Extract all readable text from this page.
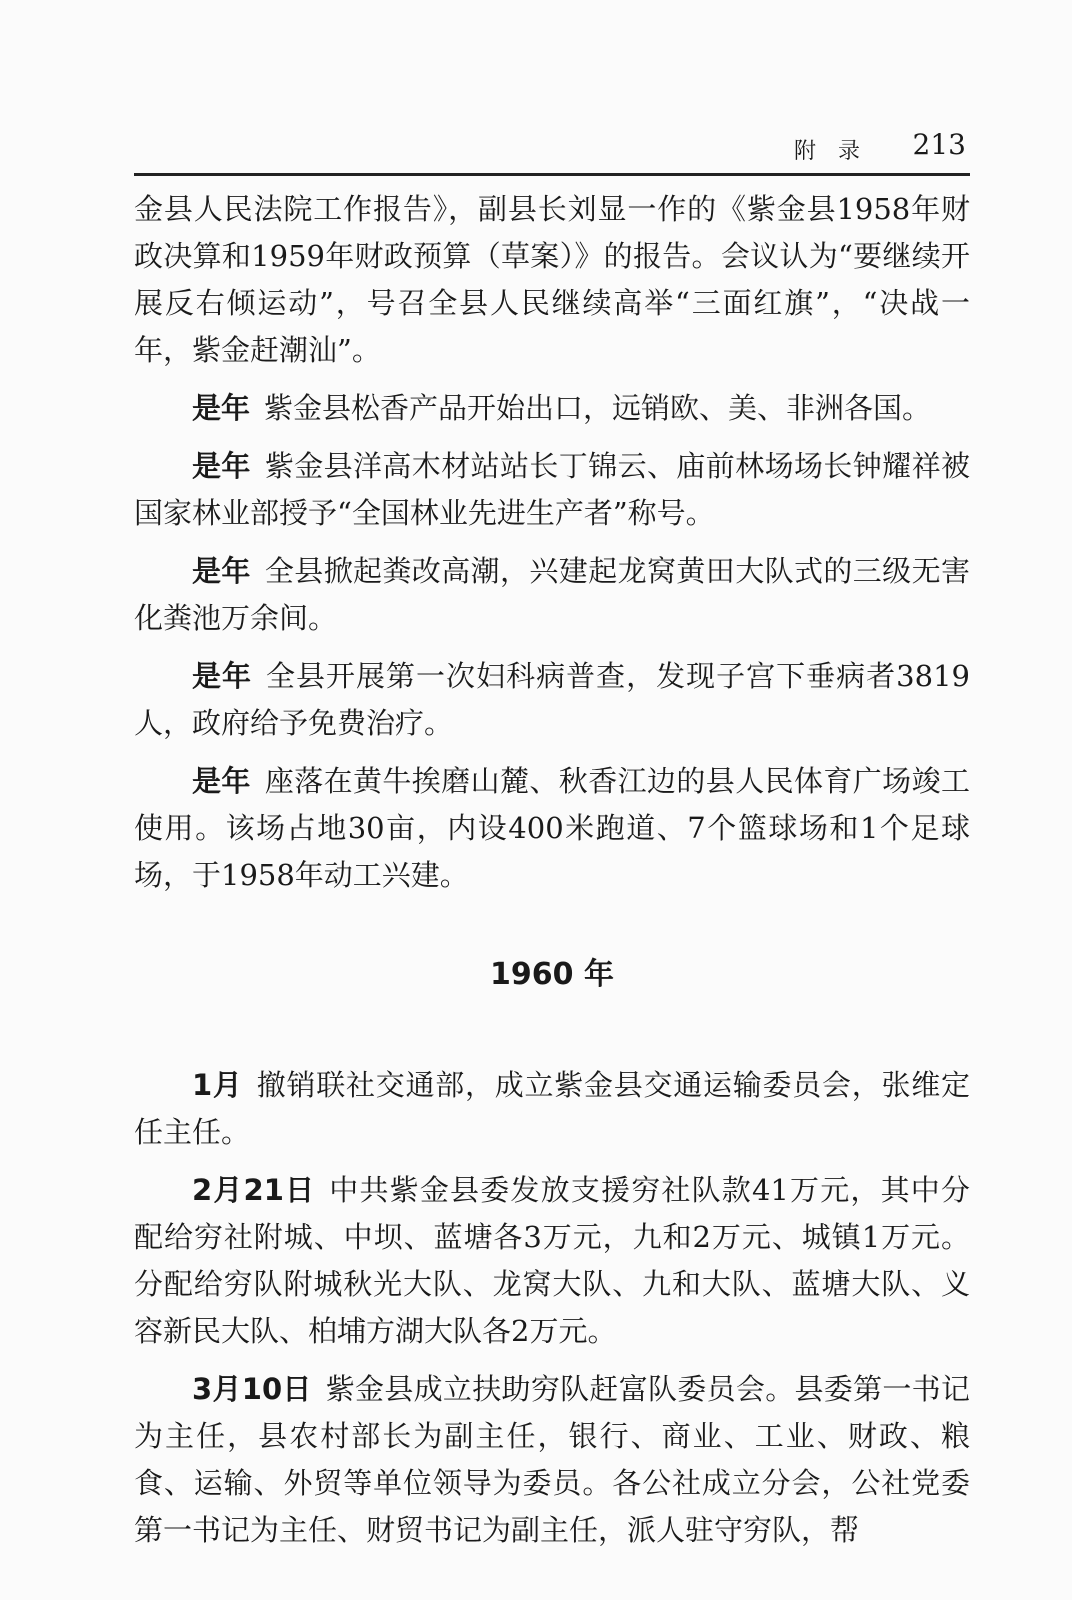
附录 213

金县人民法院工作报告》，副县长刘显一作的《紫金县1958年财政决算和1959年财政预算（草案）》的报告。会议认为“要继续开展反右倾运动”，号召全县人民继续高举“三面红旗”，“决战一年，紫金赶潮汕”。

是年 紫金县松香产品开始出口，远销欧、美、非洲各国。

是年 紫金县洋高木材站站长丁锦云、庙前林场场长钟耀祥被国家林业部授予“全国林业先进生产者”称号。

是年 全县掀起粪改高潮，兴建起龙窝黄田大队式的三级无害化粪池万余间。

是年 全县开展第一次妇科病普查，发现子宫下垂病者3819人，政府给予免费治疗。

是年 座落在黄牛挨磨山麓、秋香江边的县人民体育广场竣工使用。该场占地30亩，内设400米跑道、7个篮球场和1个足球场，于1958年动工兴建。

1960 年

1月 撤销联社交通部，成立紫金县交通运输委员会，张维定任主任。

2月21日 中共紫金县委发放支援穷社队款41万元，其中分配给穷社附城、中坝、蓝塘各3万元，九和2万元、城镇1万元。分配给穷队附城秋光大队、龙窝大队、九和大队、蓝塘大队、义容新民大队、柏埔方湖大队各2万元。

3月10日 紫金县成立扶助穷队赶富队委员会。县委第一书记为主任，县农村部长为副主任，银行、商业、工业、财政、粮食、运输、外贸等单位领导为委员。各公社成立分会，公社党委第一书记为主任、财贸书记为副主任，派人驻守穷队，帮
